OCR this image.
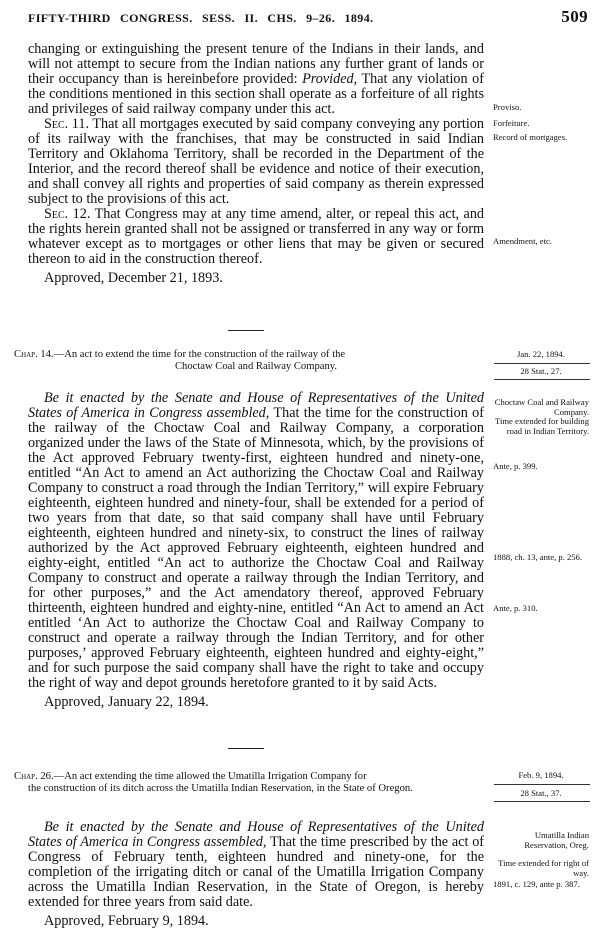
FIFTY-THIRD CONGRESS. SESS. II. CHS. 9–26. 1894.	509

changing or extinguishing the present tenure of the Indians in their lands, and will not attempt to secure from the Indian nations any further grant of lands or their occupancy than is hereinbefore provided: Provided, That any violation of the conditions mentioned in this section shall operate as a forfeiture of all rights and privileges of said railway company under this act.

Sec. 11. That all mortgages executed by said company conveying any portion of its railway with the franchises, that may be constructed in said Indian Territory and Oklahoma Territory, shall be recorded in the Department of the Interior, and the record thereof shall be evidence and notice of their execution, and shall convey all rights and properties of said company as therein expressed subject to the provisions of this act.

Sec. 12. That Congress may at any time amend, alter, or repeal this act, and the rights herein granted shall not be assigned or transferred in any way or form whatever except as to mortgages or other liens that may be given or secured thereon to aid in the construction thereof.

Approved, December 21, 1893.

Proviso.
Forfeiture.
Record of mortgages.
Amendment, etc.
Chap. 14.—An act to extend the time for the construction of the railway of the
Choctaw Coal and Railway Company.
Jan. 22, 1894.
28 Stat., 27.

Be it enacted by the Senate and House of Representatives of the United States of America in Congress assembled, That the time for the construction of the railway of the Choctaw Coal and Railway Company, a corporation organized under the laws of the State of Minnesota, which, by the provisions of the Act approved February twenty-first, eighteen hundred and ninety-one, entitled “An Act to amend an Act authorizing the Choctaw Coal and Railway Company to construct a road through the Indian Territory,” will expire February eighteenth, eighteen hundred and ninety-four, shall be extended for a period of two years from that date, so that said company shall have until February eighteenth, eighteen hundred and ninety-six, to construct the lines of railway authorized by the Act approved February eighteenth, eighteen hundred and eighty-eight, entitled “An act to authorize the Choctaw Coal and Railway Company to construct and operate a railway through the Indian Territory, and for other purposes,” and the Act amendatory thereof, approved February thirteenth, eighteen hundred and eighty-nine, entitled “An Act to amend an Act entitled ‘An Act to authorize the Choctaw Coal and Railway Company to construct and operate a railway through the Indian Territory, and for other purposes,’ approved February eighteenth, eighteen hundred and eighty-eight,” and for such purpose the said company shall have the right to take and occupy the right of way and depot grounds heretofore granted to it by said Acts.

Approved, January 22, 1894.

Choctaw Coal and Railway Company.
Time extended for building road in Indian Territory.
Ante, p. 399.
1888, ch. 13, ante, p. 256.
Ante, p. 310.
Chap. 26.—An act extending the time allowed the Umatilla Irrigation Company for
the construction of its ditch across the Umatilla Indian Reservation, in the State of Oregon.
Feb. 9, 1894.
28 Stat., 37.

Be it enacted by the Senate and House of Representatives of the United States of America in Congress assembled, That the time prescribed by the act of Congress of February tenth, eighteen hundred and ninety-one, for the completion of the irrigating ditch or canal of the Umatilla Irrigation Company across the Umatilla Indian Reservation, in the State of Oregon, is hereby extended for three years from said date.

Approved, February 9, 1894.

Umatilla Indian Reservation, Oreg.
Time extended for right of way.
1891, c. 129, ante p. 387.
